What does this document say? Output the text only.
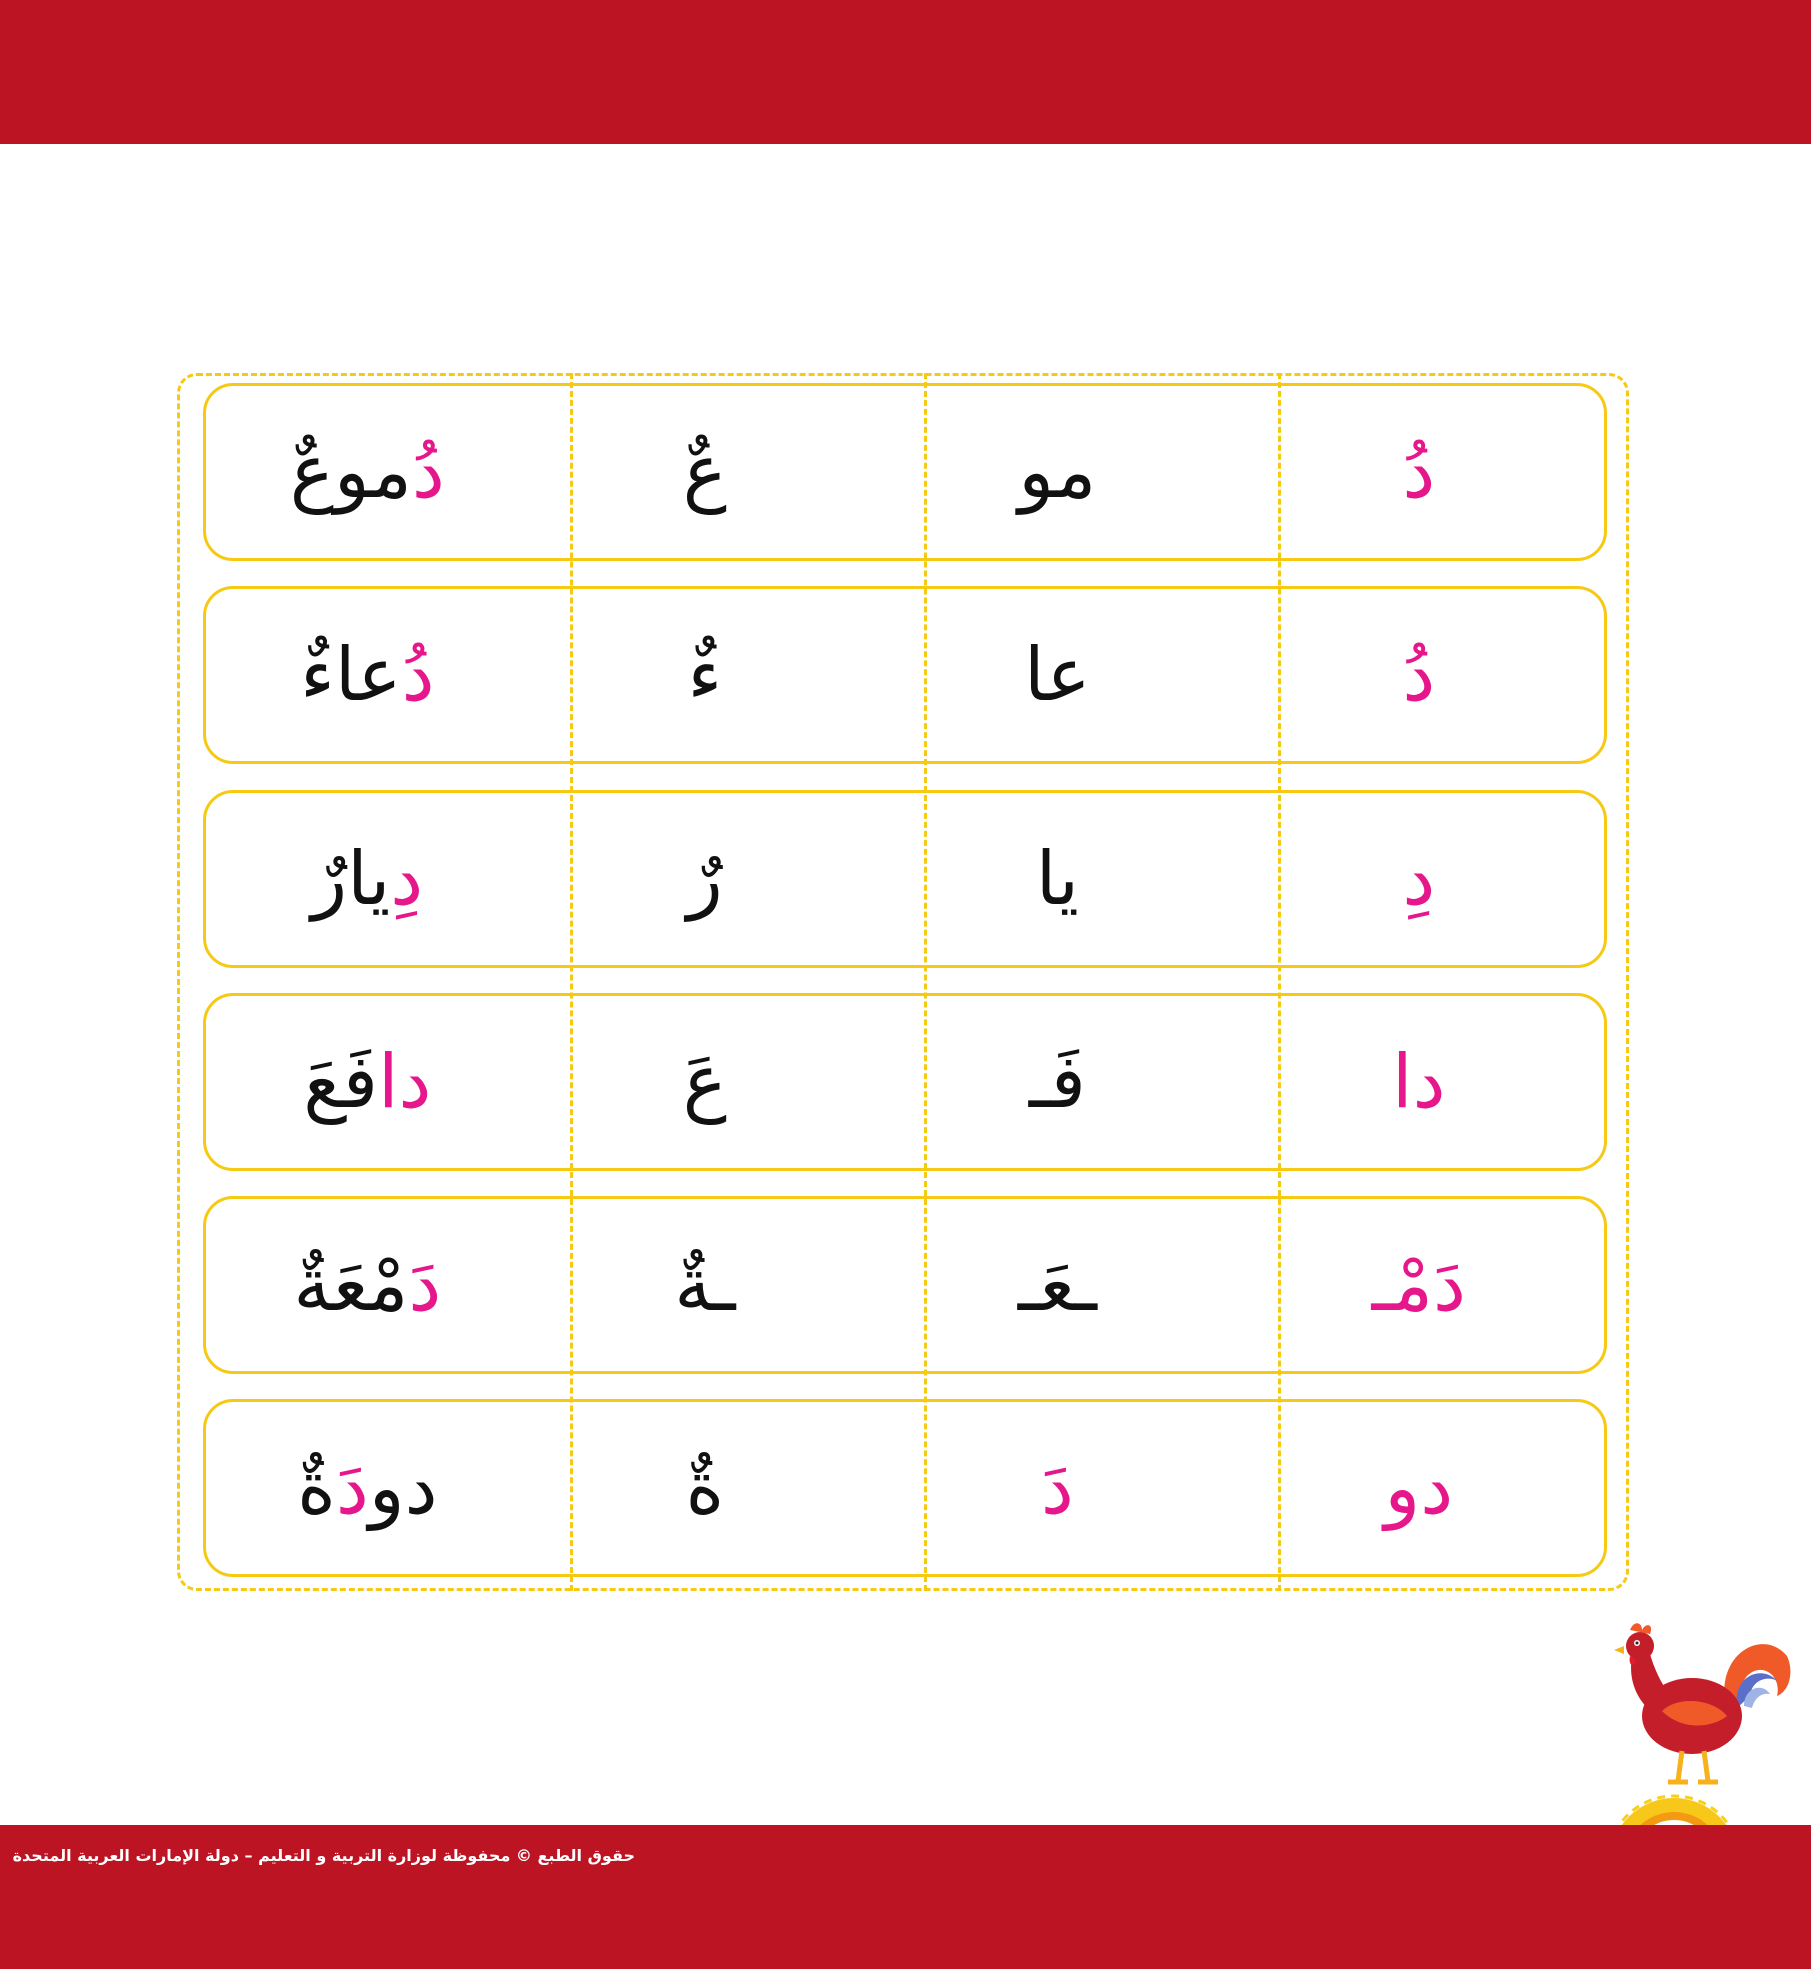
دُ
مو
عٌ
دُ
موعٌ
دُ
عا
ءٌ
دُ
عاءٌ
دِ
يا
رٌ
دِ
يارٌ
دا
فَـ
عَ
دا
فَعَ
دَمْـ
ـعَـ
ـةٌ
دَ
مْعَةٌ
دو
دَ
ةٌ
دو
دَ
ةٌ
حقوق الطبع © محفوظة لوزارة التربية و التعليم – دولة الإمارات العربية المتحدة
